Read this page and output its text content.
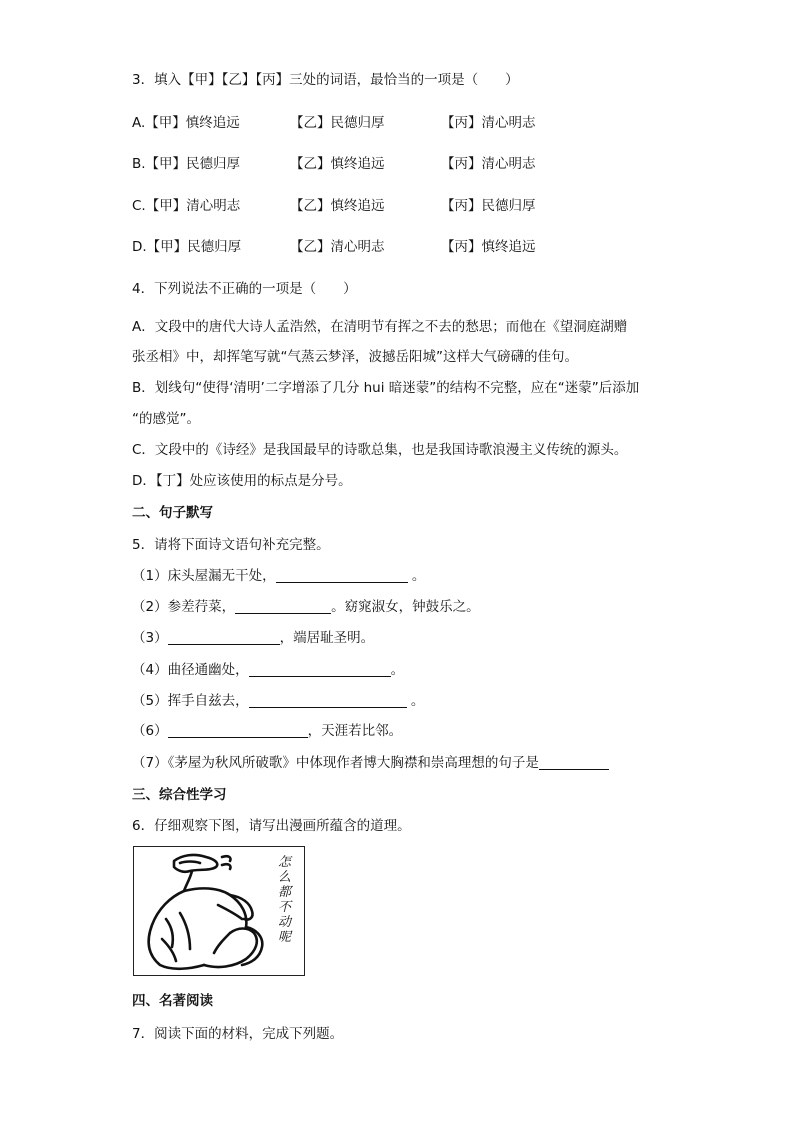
3．填入【甲】【乙】【丙】三处的词语，最恰当的一项是（　　）
A.【甲】慎终追远	【乙】民德归厚	【丙】清心明志
B.【甲】民德归厚	【乙】慎终追远	【丙】清心明志
C.【甲】清心明志	【乙】慎终追远	【丙】民德归厚
D.【甲】民德归厚	【乙】清心明志	【丙】慎终追远
4．下列说法不正确的一项是（　　）
A．文段中的唐代大诗人孟浩然，在清明节有挥之不去的愁思；而他在《望洞庭湖赠
张丞相》中，却挥笔写就“气蒸云梦泽，波撼岳阳城”这样大气磅礴的佳句。
B．划线句“使得‘清明’二字增添了几分 hui 暗迷蒙”的结构不完整，应在“迷蒙”后添加
“的感觉”。
C．文段中的《诗经》是我国最早的诗歌总集，也是我国诗歌浪漫主义传统的源头。
D．【丁】处应该使用的标点是分号。
二、句子默写
5．请将下面诗文语句补充完整。
（1）床头屋漏无干处，	。
（2）参差荇菜，	。窈窕淑女，钟鼓乐之。
（3）	，端居耻圣明。
（4）曲径通幽处，	。
（5）挥手自兹去，	。
（6）	，天涯若比邻。
（7）《茅屋为秋风所破歌》中体现作者博大胸襟和崇高理想的句子是
三、综合性学习
6．仔细观察下图，请写出漫画所蕴含的道理。
怎么都不动呢
四、名著阅读
7．阅读下面的材料，完成下列题。
